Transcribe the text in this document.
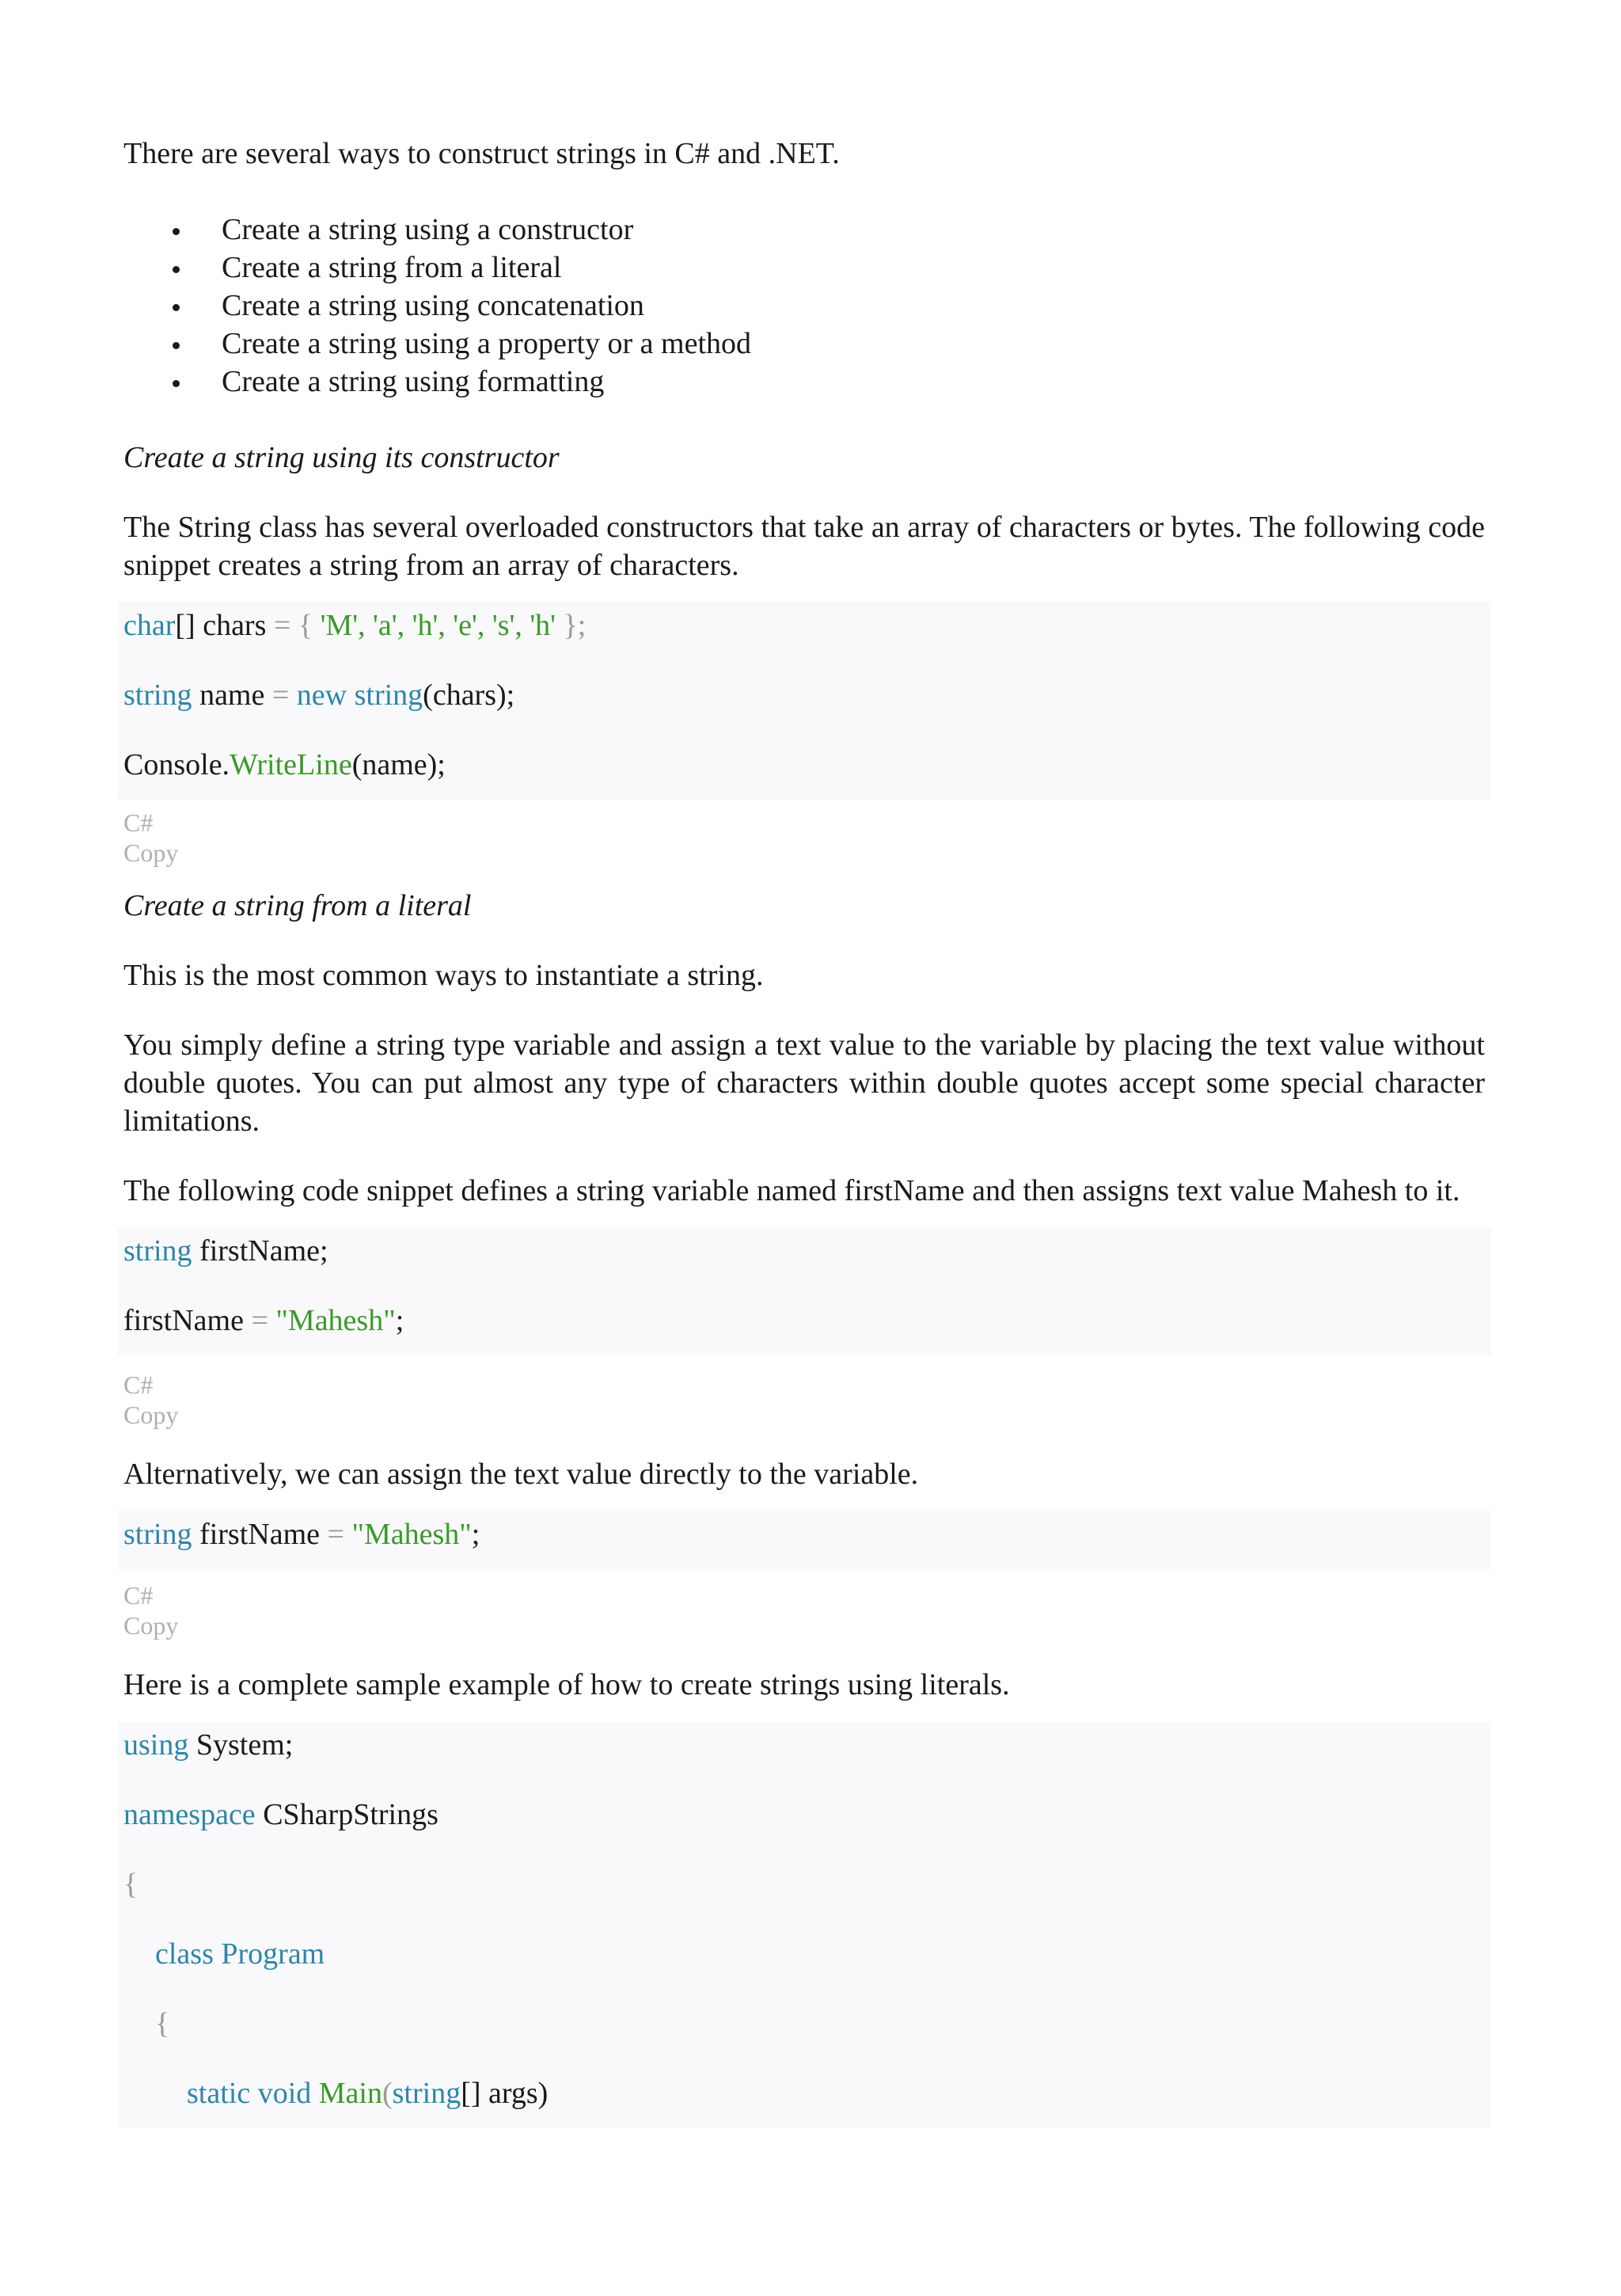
There are several ways to construct strings in C# and .NET.

Create a string using a constructor
Create a string from a literal
Create a string using concatenation
Create a string using a property or a method
Create a string using formatting

Create a string using its constructor

The String class has several overloaded constructors that take an array of characters or bytes. The following code snippet creates a string from an array of characters.

char[] chars = { 'M', 'a', 'h', 'e', 's', 'h' };
string name = new string(chars);
Console.WriteLine(name);

C#

Copy

Create a string from a literal

This is the most common ways to instantiate a string.

You simply define a string type variable and assign a text value to the variable by placing the text value without double quotes. You can put almost any type of characters within double quotes accept some special character limitations.

The following code snippet defines a string variable named firstName and then assigns text value Mahesh to it.

string firstName;
firstName = "Mahesh";

C#

Copy

Alternatively, we can assign the text value directly to the variable.

string firstName = "Mahesh";

C#

Copy

Here is a complete sample example of how to create strings using literals.

using System;
namespace CSharpStrings
{
class Program
{
static void Main(string[] args)
